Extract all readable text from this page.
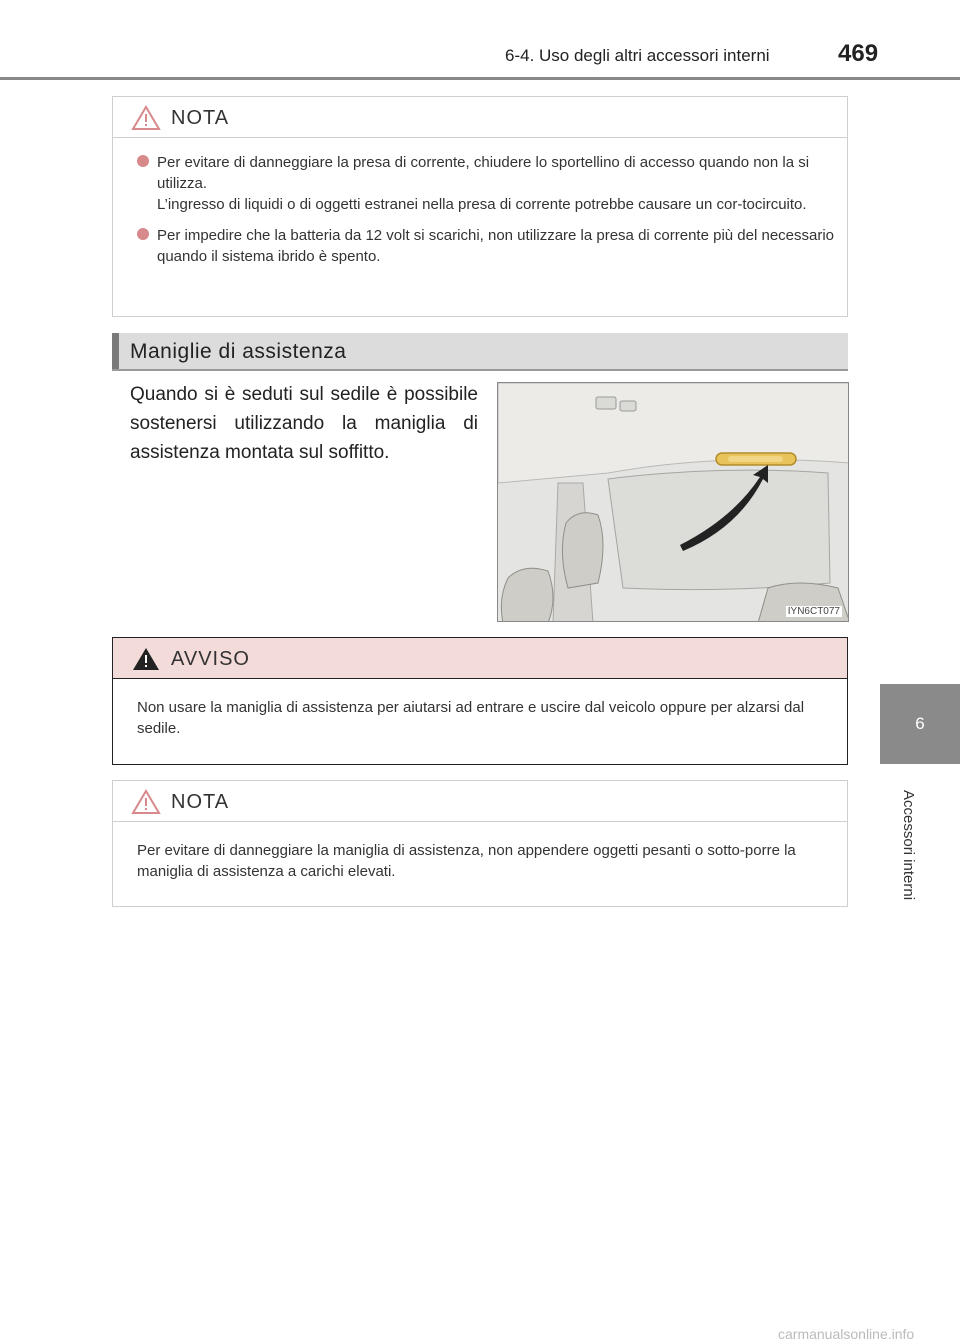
6-4. Uso degli altri accessori interni	469
6
Accessori interni
NOTA
Per evitare di danneggiare la presa di corrente, chiudere lo sportellino di accesso quando non la si utilizza.
L’ingresso di liquidi o di oggetti estranei nella presa di corrente potrebbe causare un cor-tocircuito.
Per impedire che la batteria da 12 volt si scarichi, non utilizzare la presa di corrente più del necessario quando il sistema ibrido è spento.
Maniglie di assistenza
Quando si è seduti sul sedile è possibile sostenersi utilizzando la maniglia di assistenza montata sul soffitto.
IYN6CT077
AVVISO
Non usare la maniglia di assistenza per aiutarsi ad entrare e uscire dal veicolo oppure per alzarsi dal sedile.
NOTA
Per evitare di danneggiare la maniglia di assistenza, non appendere oggetti pesanti o sotto-porre la maniglia di assistenza a carichi elevati.
carmanualsonline.info
